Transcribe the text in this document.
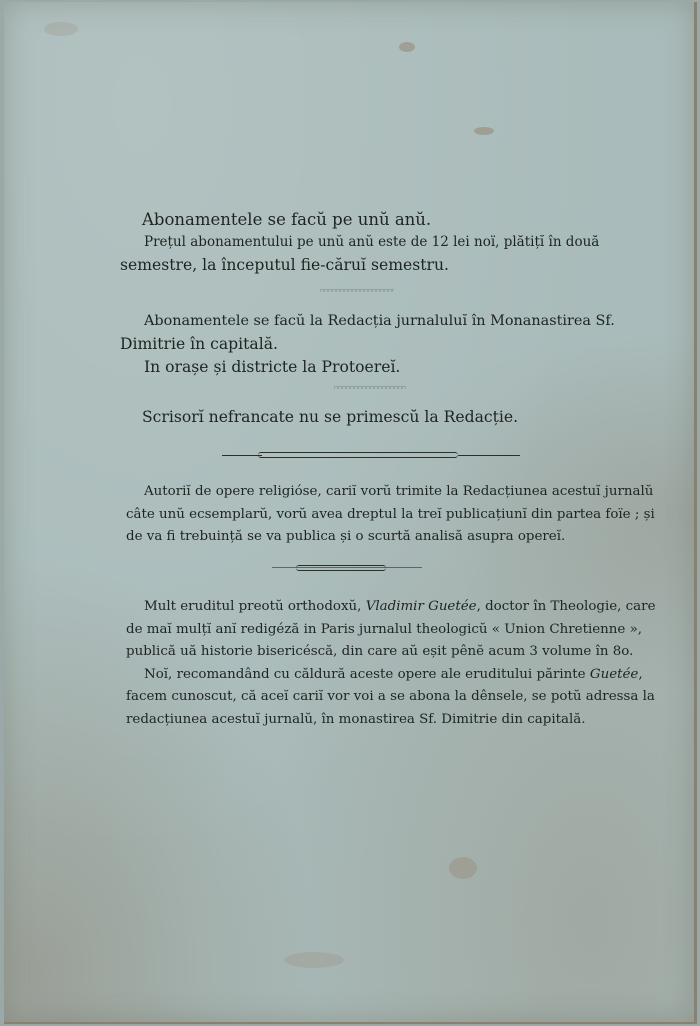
Abonamentele se facŭ pe unŭ anŭ.

Prețul abonamentului pe unŭ anŭ este de 12 lei noï, plătițĭ în două

semestre, la începutul fie-căruĭ semestru.

Abonamentele se facŭ la Redacția jurnaluluĭ în Monanastirea Sf.

Dimitrie în capitală.

In orașe și districte la Protoereĭ.

Scrisorĭ nefrancate nu se primescŭ la Redacție.

Autoriĭ de opere religióse, cariĭ vorŭ trimite la Redacțiunea acestuĭ jurnalŭ

câte unŭ ecsemplarŭ, vorŭ avea dreptul la treĭ publicațiunĭ din partea foïe ; și

de va fi trebuință se va publica și o scurtă analisă asupra opereĭ.

Mult eruditul preotŭ orthodoxŭ, Vladimir Guetée, doctor în Theologie, care

de maĭ mulțĭ anĭ redigéză in Paris jurnalul theologicŭ « Union Chretienne »,

publică uă historie bisericéscă, din care aŭ eșit pênĕ acum 3 volume în 8o.

Noĭ, recomandând cu căldură aceste opere ale eruditului părinte Guetée,

facem cunoscut, că aceĭ cariĭ vor voi a se abona la dênsele, se potŭ adressa la

redacțiunea acestuĭ jurnalŭ, în monastirea Sf. Dimitrie din capitală.
